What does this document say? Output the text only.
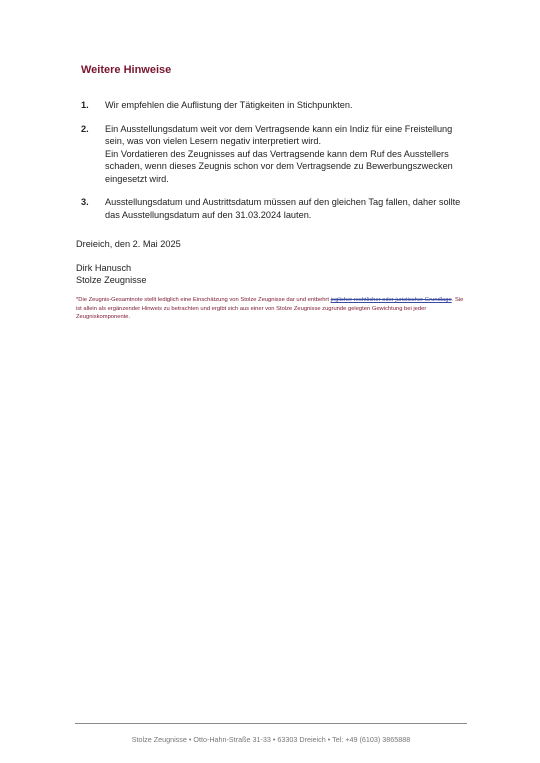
Weitere Hinweise
1. Wir empfehlen die Auflistung der Tätigkeiten in Stichpunkten.
2. Ein Ausstellungsdatum weit vor dem Vertragsende kann ein Indiz für eine Freistellung sein, was von vielen Lesern negativ interpretiert wird.
Ein Vordatieren des Zeugnisses auf das Vertragsende kann dem Ruf des Ausstellers schaden, wenn dieses Zeugnis schon vor dem Vertragsende zu Bewerbungszwecken eingesetzt wird.
3. Ausstellungsdatum und Austrittsdatum müssen auf den gleichen Tag fallen, daher sollte das Ausstellungsdatum auf den 31.03.2024 lauten.

Dreieich, den 2. Mai 2025

Dirk Hanusch
Stolze Zeugnisse

*Die Zeugnis-Gesamtnote stellt lediglich eine Einschätzung von Stolze Zeugnisse dar und entbehrt jeglicher rechtlicher oder juristischer Grundlage. Sie ist allein als ergänzender Hinweis zu betrachten und ergibt sich aus einer von Stolze Zeugnisse zugrunde gelegten Gewichtung bei jeder Zeugniskomponente.

Stolze Zeugnisse • Otto-Hahn-Straße 31-33 • 63303 Dreieich • Tel: +49 (6103) 3865888
